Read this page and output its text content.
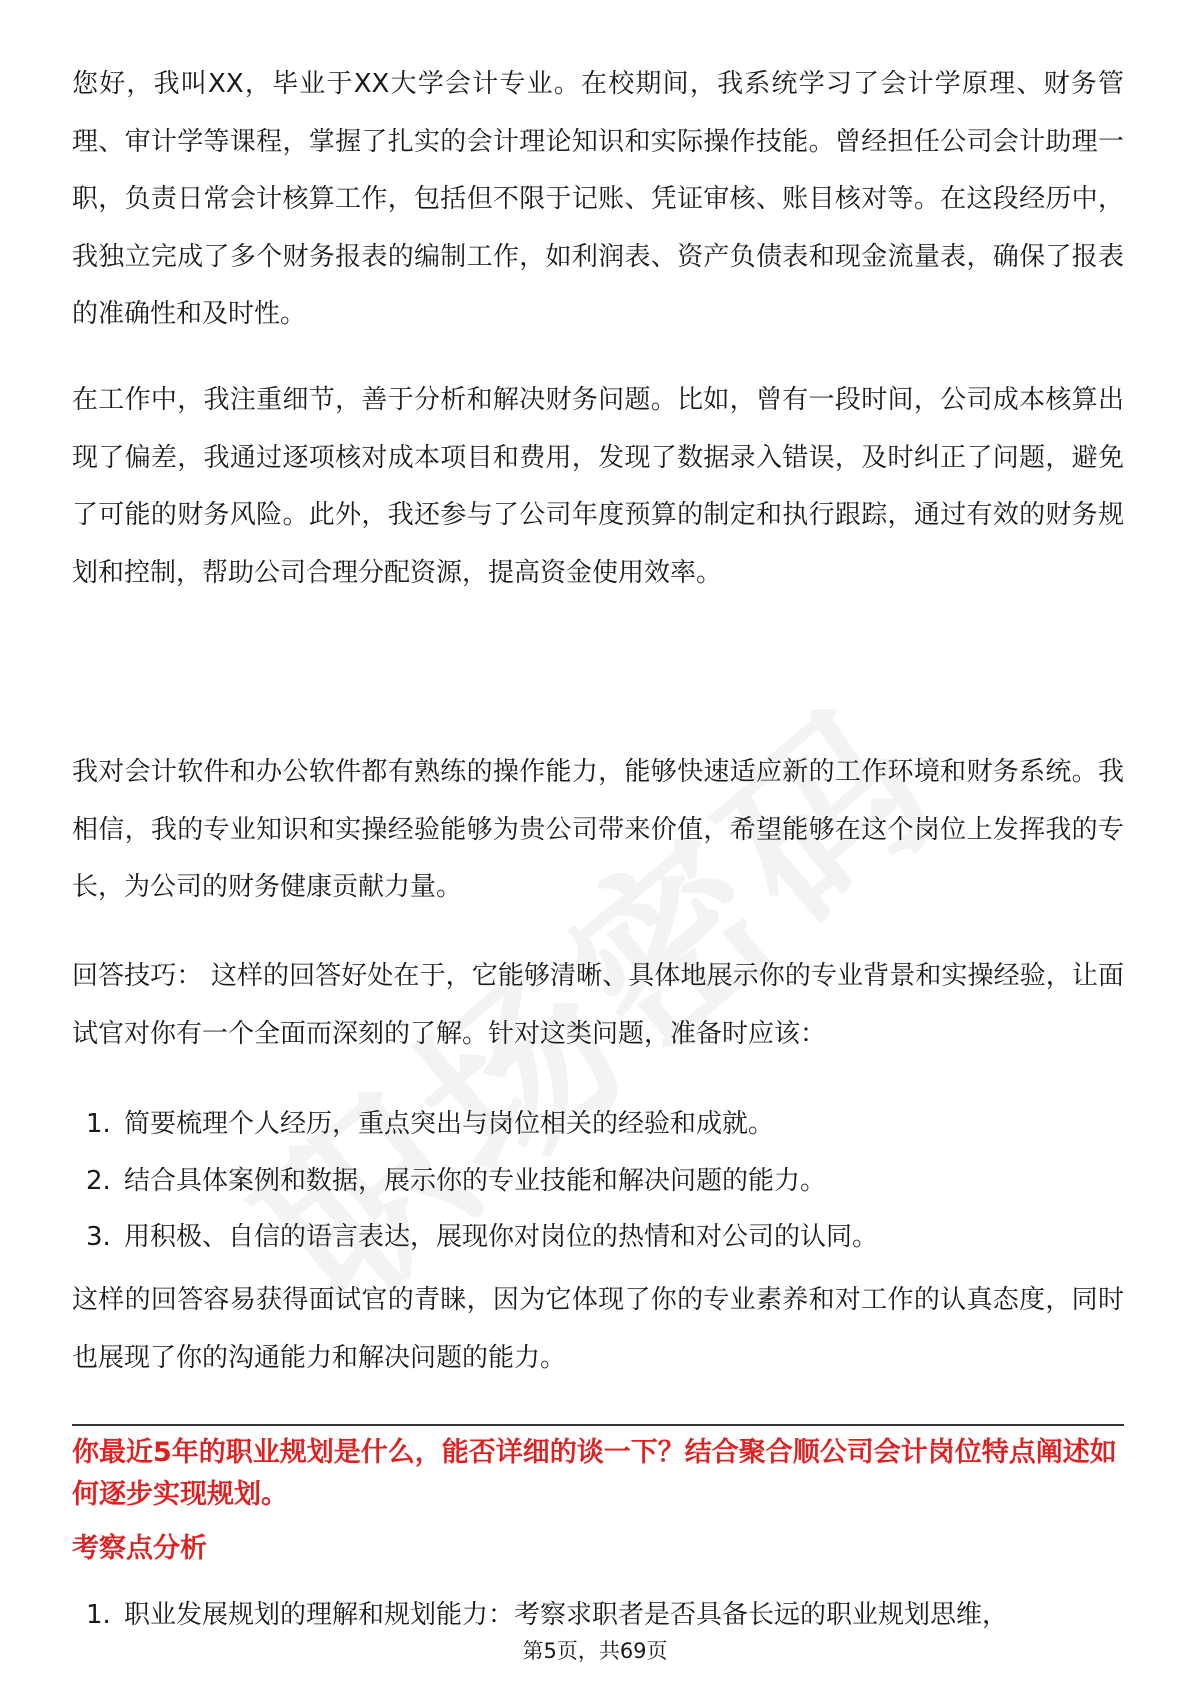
您好，我叫XX，毕业于XX大学会计专业。在校期间，我系统学习了会计学原理、财务管理、审计学等课程，掌握了扎实的会计理论知识和实际操作技能。曾经担任公司会计助理一职，负责日常会计核算工作，包括但不限于记账、凭证审核、账目核对等。在这段经历中，我独立完成了多个财务报表的编制工作，如利润表、资产负债表和现金流量表，确保了报表的准确性和及时性。

在工作中，我注重细节，善于分析和解决财务问题。比如，曾有一段时间，公司成本核算出现了偏差，我通过逐项核对成本项目和费用，发现了数据录入错误，及时纠正了问题，避免了可能的财务风险。此外，我还参与了公司年度预算的制定和执行跟踪，通过有效的财务规划和控制，帮助公司合理分配资源，提高资金使用效率。

我对会计软件和办公软件都有熟练的操作能力，能够快速适应新的工作环境和财务系统。我相信，我的专业知识和实操经验能够为贵公司带来价值，希望能够在这个岗位上发挥我的专长，为公司的财务健康贡献力量。

回答技巧： 这样的回答好处在于，它能够清晰、具体地展示你的专业背景和实操经验，让面试官对你有一个全面而深刻的了解。针对这类问题，准备时应该：

1. 简要梳理个人经历，重点突出与岗位相关的经验和成就。
2. 结合具体案例和数据，展示你的专业技能和解决问题的能力。
3. 用积极、自信的语言表达，展现你对岗位的热情和对公司的认同。

这样的回答容易获得面试官的青睐，因为它体现了你的专业素养和对工作的认真态度，同时也展现了你的沟通能力和解决问题的能力。

你最近5年的职业规划是什么，能否详细的谈一下？结合聚合顺公司会计岗位特点阐述如何逐步实现规划。

考察点分析

1. 职业发展规划的理解和规划能力：考察求职者是否具备长远的职业规划思维，
第5页，共69页
